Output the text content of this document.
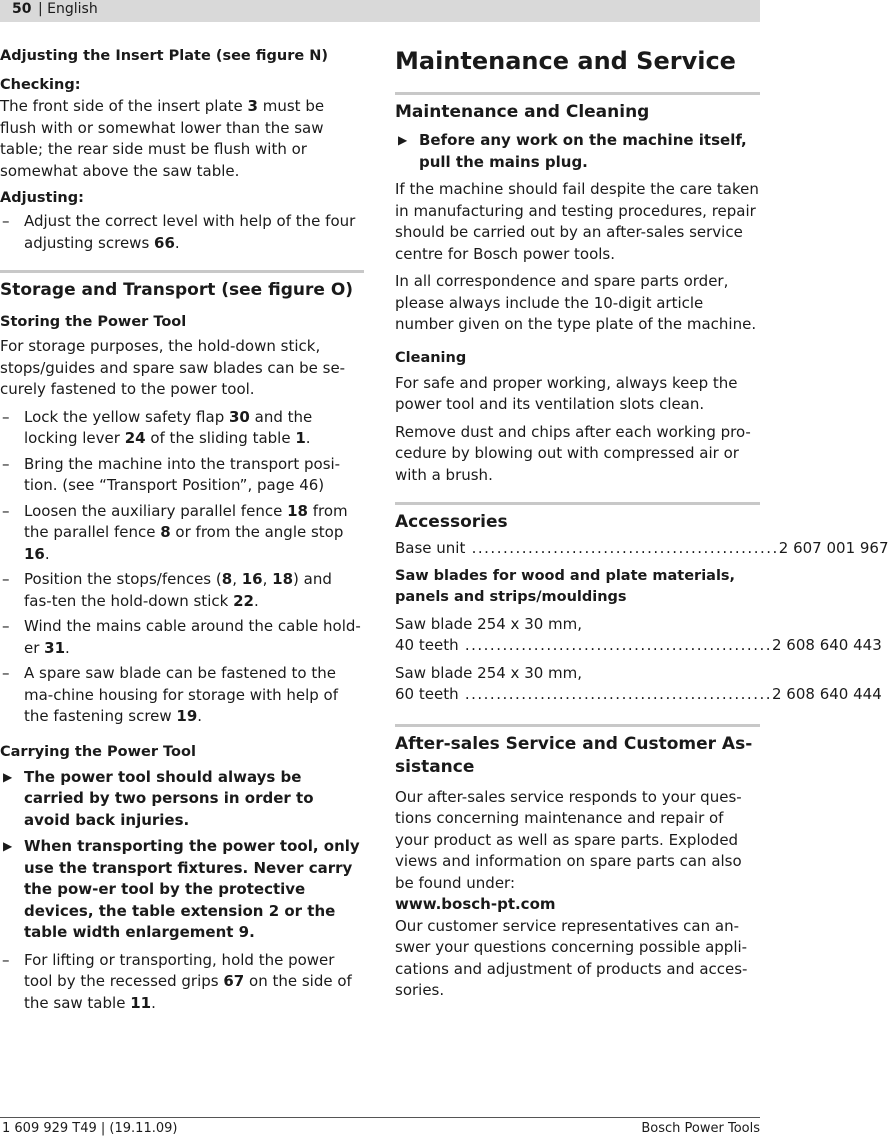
50 | English

Adjusting the Insert Plate (see figure N)

Checking:

The front side of the insert plate 3 must be flush with or somewhat lower than the saw table; the rear side must be flush with or somewhat above the saw table.

Adjusting:

– Adjust the correct level with help of the four adjusting screws 66.

Storage and Transport (see figure O)

Storing the Power Tool

For storage purposes, the hold-down stick, stops/guides and spare saw blades can be se-curely fastened to the power tool.

– Lock the yellow safety flap 30 and the locking lever 24 of the sliding table 1.

– Bring the machine into the transport posi-tion. (see “Transport Position”, page 46)

– Loosen the auxiliary parallel fence 18 from the parallel fence 8 or from the angle stop 16.

– Position the stops/fences (8, 16, 18) and fas-ten the hold-down stick 22.

– Wind the mains cable around the cable hold-er 31.

– A spare saw blade can be fastened to the ma-chine housing for storage with help of the fastening screw 19.

Carrying the Power Tool

▶ The power tool should always be carried by two persons in order to avoid back injuries.

▶ When transporting the power tool, only use the transport fixtures. Never carry the pow-er tool by the protective devices, the table extension 2 or the table width enlargement 9.

– For lifting or transporting, hold the power tool by the recessed grips 67 on the side of the saw table 11.

Maintenance and Service

Maintenance and Cleaning

▶ Before any work on the machine itself, pull the mains plug.

If the machine should fail despite the care taken in manufacturing and testing procedures, repair should be carried out by an after-sales service centre for Bosch power tools.

In all correspondence and spare parts order, please always include the 10-digit article number given on the type plate of the machine.

Cleaning

For safe and proper working, always keep the power tool and its ventilation slots clean.

Remove dust and chips after each working pro-cedure by blowing out with compressed air or with a brush.

Accessories

Base unit ................................................. 2 607 001 967

Saw blades for wood and plate materials, panels and strips/mouldings

Saw blade 254 x 30 mm,

40 teeth ................................................. 2 608 640 443

Saw blade 254 x 30 mm,

60 teeth ................................................. 2 608 640 444

After-sales Service and Customer As-sistance

Our after-sales service responds to your ques-tions concerning maintenance and repair of your product as well as spare parts. Exploded views and information on spare parts can also be found under:

www.bosch-pt.com

Our customer service representatives can an-swer your questions concerning possible appli-cations and adjustment of products and acces-sories.

1 609 929 T49 | (19.11.09)	Bosch Power Tools
